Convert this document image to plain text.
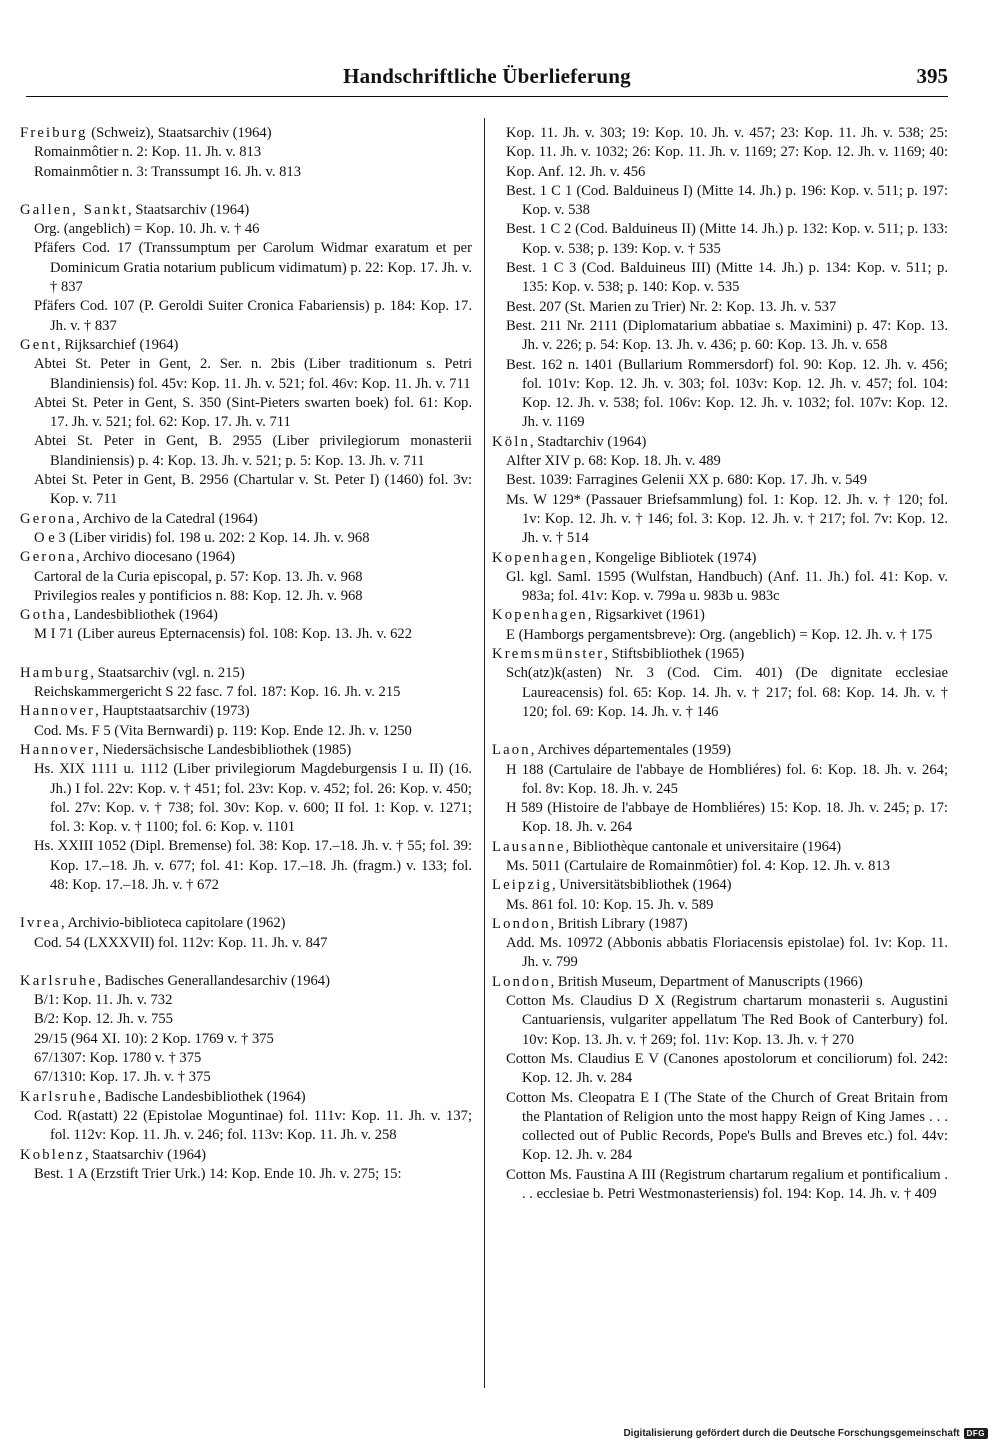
Handschriftliche Überlieferung	395
Freiburg (Schweiz), Staatsarchiv (1964)
Romainmôtier n. 2: Kop. 11. Jh. v. 813
Romainmôtier n. 3: Transsumpt 16. Jh. v. 813
Gallen, Sankt, Staatsarchiv (1964)
Org. (angeblich) = Kop. 10. Jh. v. † 46
Pfäfers Cod. 17 (Transsumptum per Carolum Widmar exaratum et per Dominicum Gratia notarium publicum vidimatum) p. 22: Kop. 17. Jh. v. † 837
Pfäfers Cod. 107 (P. Geroldi Suiter Cronica Fabariensis) p. 184: Kop. 17. Jh. v. † 837
Gent, Rijksarchief (1964)
Abtei St. Peter in Gent, 2. Ser. n. 2bis (Liber traditionum s. Petri Blandiniensis) fol. 45v: Kop. 11. Jh. v. 521; fol. 46v: Kop. 11. Jh. v. 711
Abtei St. Peter in Gent, S. 350 (Sint-Pieters swarten boek) fol. 61: Kop. 17. Jh. v. 521; fol. 62: Kop. 17. Jh. v. 711
Abtei St. Peter in Gent, B. 2955 (Liber privilegiorum monasterii Blandiniensis) p. 4: Kop. 13. Jh. v. 521; p. 5: Kop. 13. Jh. v. 711
Abtei St. Peter in Gent, B. 2956 (Chartular v. St. Peter I) (1460) fol. 3v: Kop. v. 711
Gerona, Archivo de la Catedral (1964)
O e 3 (Liber viridis) fol. 198 u. 202: 2 Kop. 14. Jh. v. 968
Gerona, Archivo diocesano (1964)
Cartoral de la Curia episcopal, p. 57: Kop. 13. Jh. v. 968
Privilegios reales y pontificios n. 88: Kop. 12. Jh. v. 968
Gotha, Landesbibliothek (1964)
M I 71 (Liber aureus Epternacensis) fol. 108: Kop. 13. Jh. v. 622
Hamburg, Staatsarchiv (vgl. n. 215)
Reichskammergericht S 22 fasc. 7 fol. 187: Kop. 16. Jh. v. 215
Hannover, Hauptstaatsarchiv (1973)
Cod. Ms. F 5 (Vita Bernwardi) p. 119: Kop. Ende 12. Jh. v. 1250
Hannover, Niedersächsische Landesbibliothek (1985)
Hs. XIX 1111 u. 1112 (Liber privilegiorum Magdeburgensis I u. II) (16. Jh.) I fol. 22v: Kop. v. † 451; fol. 23v: Kop. v. 452; fol. 26: Kop. v. 450; fol. 27v: Kop. v. † 738; fol. 30v: Kop. v. 600; II fol. 1: Kop. v. 1271; fol. 3: Kop. v. † 1100; fol. 6: Kop. v. 1101
Hs. XXIII 1052 (Dipl. Bremense) fol. 38: Kop. 17.–18. Jh. v. † 55; fol. 39: Kop. 17.–18. Jh. v. 677; fol. 41: Kop. 17.–18. Jh. (fragm.) v. 133; fol. 48: Kop. 17.–18. Jh. v. † 672
Ivrea, Archivio-biblioteca capitolare (1962)
Cod. 54 (LXXXVII) fol. 112v: Kop. 11. Jh. v. 847
Karlsruhe, Badisches Generallandesarchiv (1964)
B/1: Kop. 11. Jh. v. 732
B/2: Kop. 12. Jh. v. 755
29/15 (964 XI. 10): 2 Kop. 1769 v. † 375
67/1307: Kop. 1780 v. † 375
67/1310: Kop. 17. Jh. v. † 375
Karlsruhe, Badische Landesbibliothek (1964)
Cod. R(astatt) 22 (Epistolae Moguntinae) fol. 111v: Kop. 11. Jh. v. 137; fol. 112v: Kop. 11. Jh. v. 246; fol. 113v: Kop. 11. Jh. v. 258
Koblenz, Staatsarchiv (1964)
Best. 1 A (Erzstift Trier Urk.) 14: Kop. Ende 10. Jh. v. 275; 15:
Kop. 11. Jh. v. 303; 19: Kop. 10. Jh. v. 457; 23: Kop. 11. Jh. v. 538; 25: Kop. 11. Jh. v. 1032; 26: Kop. 11. Jh. v. 1169; 27: Kop. 12. Jh. v. 1169; 40: Kop. Anf. 12. Jh. v. 456
Best. 1 C 1 (Cod. Balduineus I) (Mitte 14. Jh.) p. 196: Kop. v. 511; p. 197: Kop. v. 538
Best. 1 C 2 (Cod. Balduineus II) (Mitte 14. Jh.) p. 132: Kop. v. 511; p. 133: Kop. v. 538; p. 139: Kop. v. † 535
Best. 1 C 3 (Cod. Balduineus III) (Mitte 14. Jh.) p. 134: Kop. v. 511; p. 135: Kop. v. 538; p. 140: Kop. v. 535
Best. 207 (St. Marien zu Trier) Nr. 2: Kop. 13. Jh. v. 537
Best. 211 Nr. 2111 (Diplomatarium abbatiae s. Maximini) p. 47: Kop. 13. Jh. v. 226; p. 54: Kop. 13. Jh. v. 436; p. 60: Kop. 13. Jh. v. 658
Best. 162 n. 1401 (Bullarium Rommersdorf) fol. 90: Kop. 12. Jh. v. 456; fol. 101v: Kop. 12. Jh. v. 303; fol. 103v: Kop. 12. Jh. v. 457; fol. 104: Kop. 12. Jh. v. 538; fol. 106v: Kop. 12. Jh. v. 1032; fol. 107v: Kop. 12. Jh. v. 1169
Köln, Stadtarchiv (1964)
Alfter XIV p. 68: Kop. 18. Jh. v. 489
Best. 1039: Farragines Gelenii XX p. 680: Kop. 17. Jh. v. 549
Ms. W 129* (Passauer Briefsammlung) fol. 1: Kop. 12. Jh. v. † 120; fol. 1v: Kop. 12. Jh. v. † 146; fol. 3: Kop. 12. Jh. v. † 217; fol. 7v: Kop. 12. Jh. v. † 514
Kopenhagen, Kongelige Bibliotek (1974)
Gl. kgl. Saml. 1595 (Wulfstan, Handbuch) (Anf. 11. Jh.) fol. 41: Kop. v. 983a; fol. 41v: Kop. v. 799a u. 983b u. 983c
Kopenhagen, Rigsarkivet (1961)
E (Hamborgs pergamentsbreve): Org. (angeblich) = Kop. 12. Jh. v. † 175
Kremsmünster, Stiftsbibliothek (1965)
Sch(atz)k(asten) Nr. 3 (Cod. Cim. 401) (De dignitate ecclesiae Laureacensis) fol. 65: Kop. 14. Jh. v. † 217; fol. 68: Kop. 14. Jh. v. † 120; fol. 69: Kop. 14. Jh. v. † 146
Laon, Archives départementales (1959)
H 188 (Cartulaire de l'abbaye de Hombliéres) fol. 6: Kop. 18. Jh. v. 264; fol. 8v: Kop. 18. Jh. v. 245
H 589 (Histoire de l'abbaye de Hombliéres) 15: Kop. 18. Jh. v. 245; p. 17: Kop. 18. Jh. v. 264
Lausanne, Bibliothèque cantonale et universitaire (1964)
Ms. 5011 (Cartulaire de Romainmôtier) fol. 4: Kop. 12. Jh. v. 813
Leipzig, Universitätsbibliothek (1964)
Ms. 861 fol. 10: Kop. 15. Jh. v. 589
London, British Library (1987)
Add. Ms. 10972 (Abbonis abbatis Floriacensis epistolae) fol. 1v: Kop. 11. Jh. v. 799
London, British Museum, Department of Manuscripts (1966)
Cotton Ms. Claudius D X (Registrum chartarum monasterii s. Augustini Cantuariensis, vulgariter appellatum The Red Book of Canterbury) fol. 10v: Kop. 13. Jh. v. † 269; fol. 11v: Kop. 13. Jh. v. † 270
Cotton Ms. Claudius E V (Canones apostolorum et conciliorum) fol. 242: Kop. 12. Jh. v. 284
Cotton Ms. Cleopatra E I (The State of the Church of Great Britain from the Plantation of Religion unto the most happy Reign of King James . . . collected out of Public Records, Pope's Bulls and Breves etc.) fol. 44v: Kop. 12. Jh. v. 284
Cotton Ms. Faustina A III (Registrum chartarum regalium et pontificalium . . . ecclesiae b. Petri Westmonasteriensis) fol. 194: Kop. 14. Jh. v. † 409
Digitalisierung gefördert durch die Deutsche Forschungsgemeinschaft DFG
